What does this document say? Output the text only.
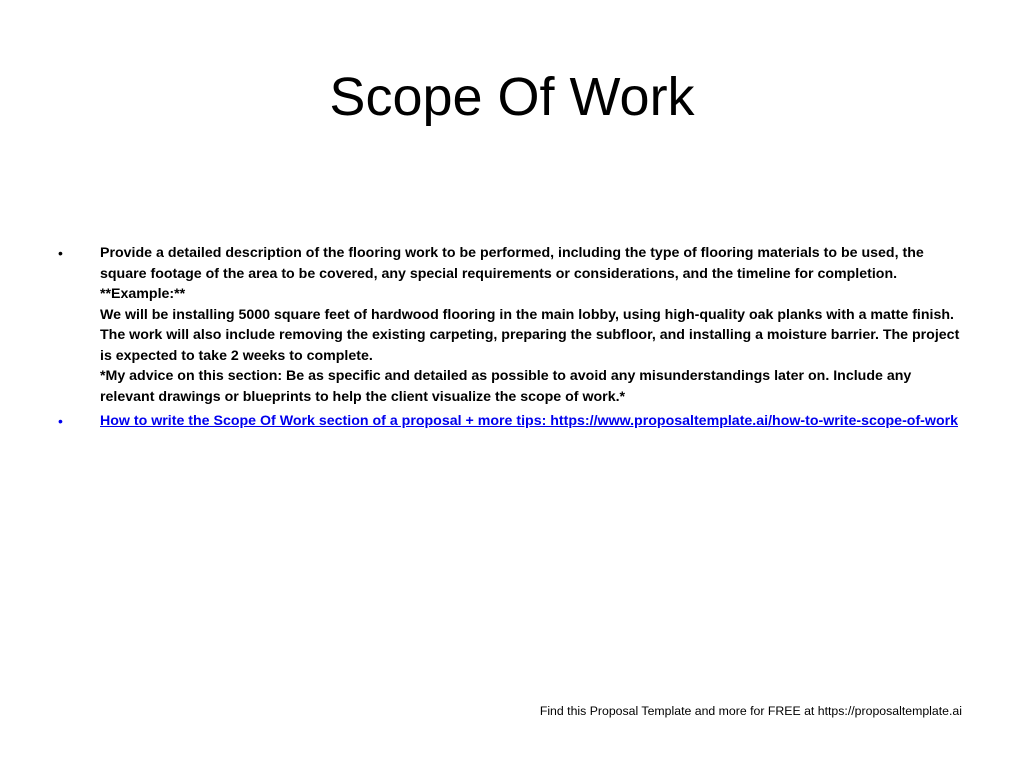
Scope Of Work
•	Provide a detailed description of the flooring work to be performed, including the type of flooring materials to be used, the square footage of the area to be covered, any special requirements or considerations, and the timeline for completion.
**Example:**
We will be installing 5000 square feet of hardwood flooring in the main lobby, using high-quality oak planks with a matte finish. The work will also include removing the existing carpeting, preparing the subfloor, and installing a moisture barrier. The project is expected to take 2 weeks to complete.
*My advice on this section: Be as specific and detailed as possible to avoid any misunderstandings later on. Include any relevant drawings or blueprints to help the client visualize the scope of work.*
•	How to write the Scope Of Work section of a proposal + more tips: https://www.proposaltemplate.ai/how-to-write-scope-of-work
Find this Proposal Template and more for FREE at https://proposaltemplate.ai
